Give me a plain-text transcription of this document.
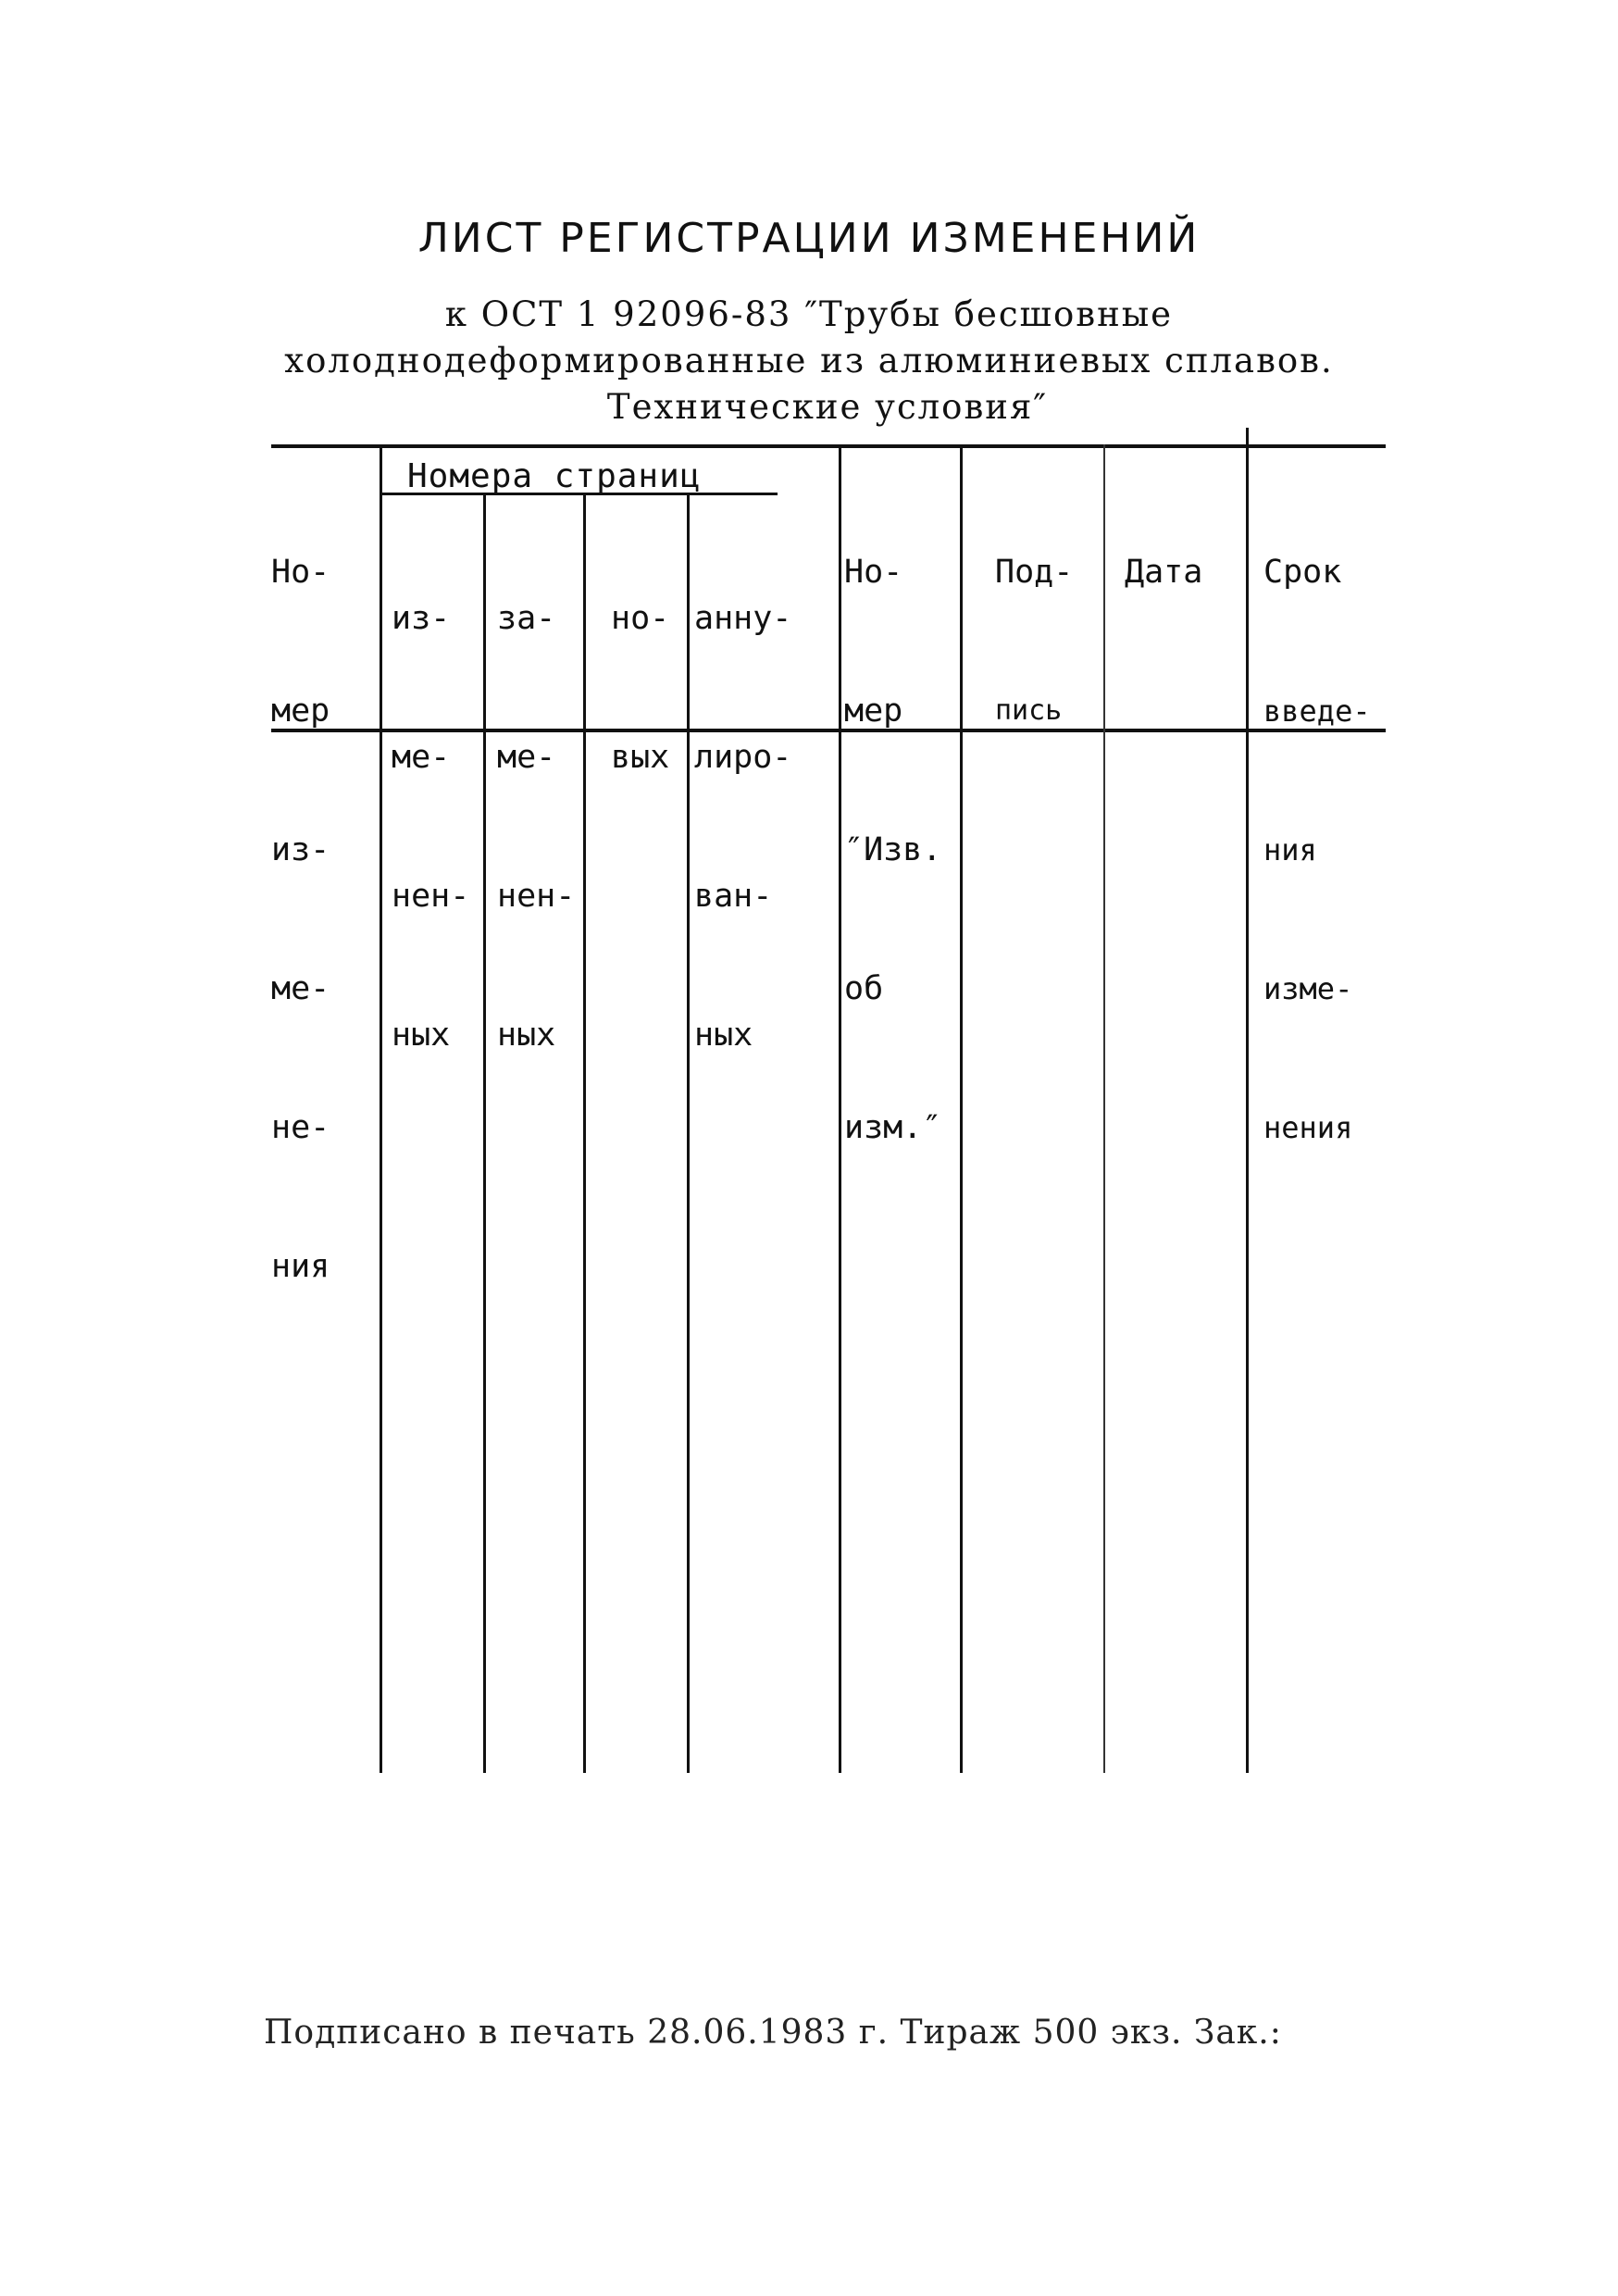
ЛИСТ РЕГИСТРАЦИИ ИЗМЕНЕНИЙ
к ОСТ 1 92096-83 ″Трубы бесшовные
холоднодеформированные из алюминиевых сплавов.
Технические условия″
Номера страниц

Но-

мер

из-

ме-

не-

ния

из-

ме-

нен-

ных

за-

ме-

нен-

ных

но-

вых

анну-

лиро-

ван-

ных

Но-

мер

″Изв.

об

изм.″

Под-

пись

Дата

Срок

введе-

ния

изме-

нения

Подписано в печать 28.06.1983 г. Тираж 500 экз. Зак.:
